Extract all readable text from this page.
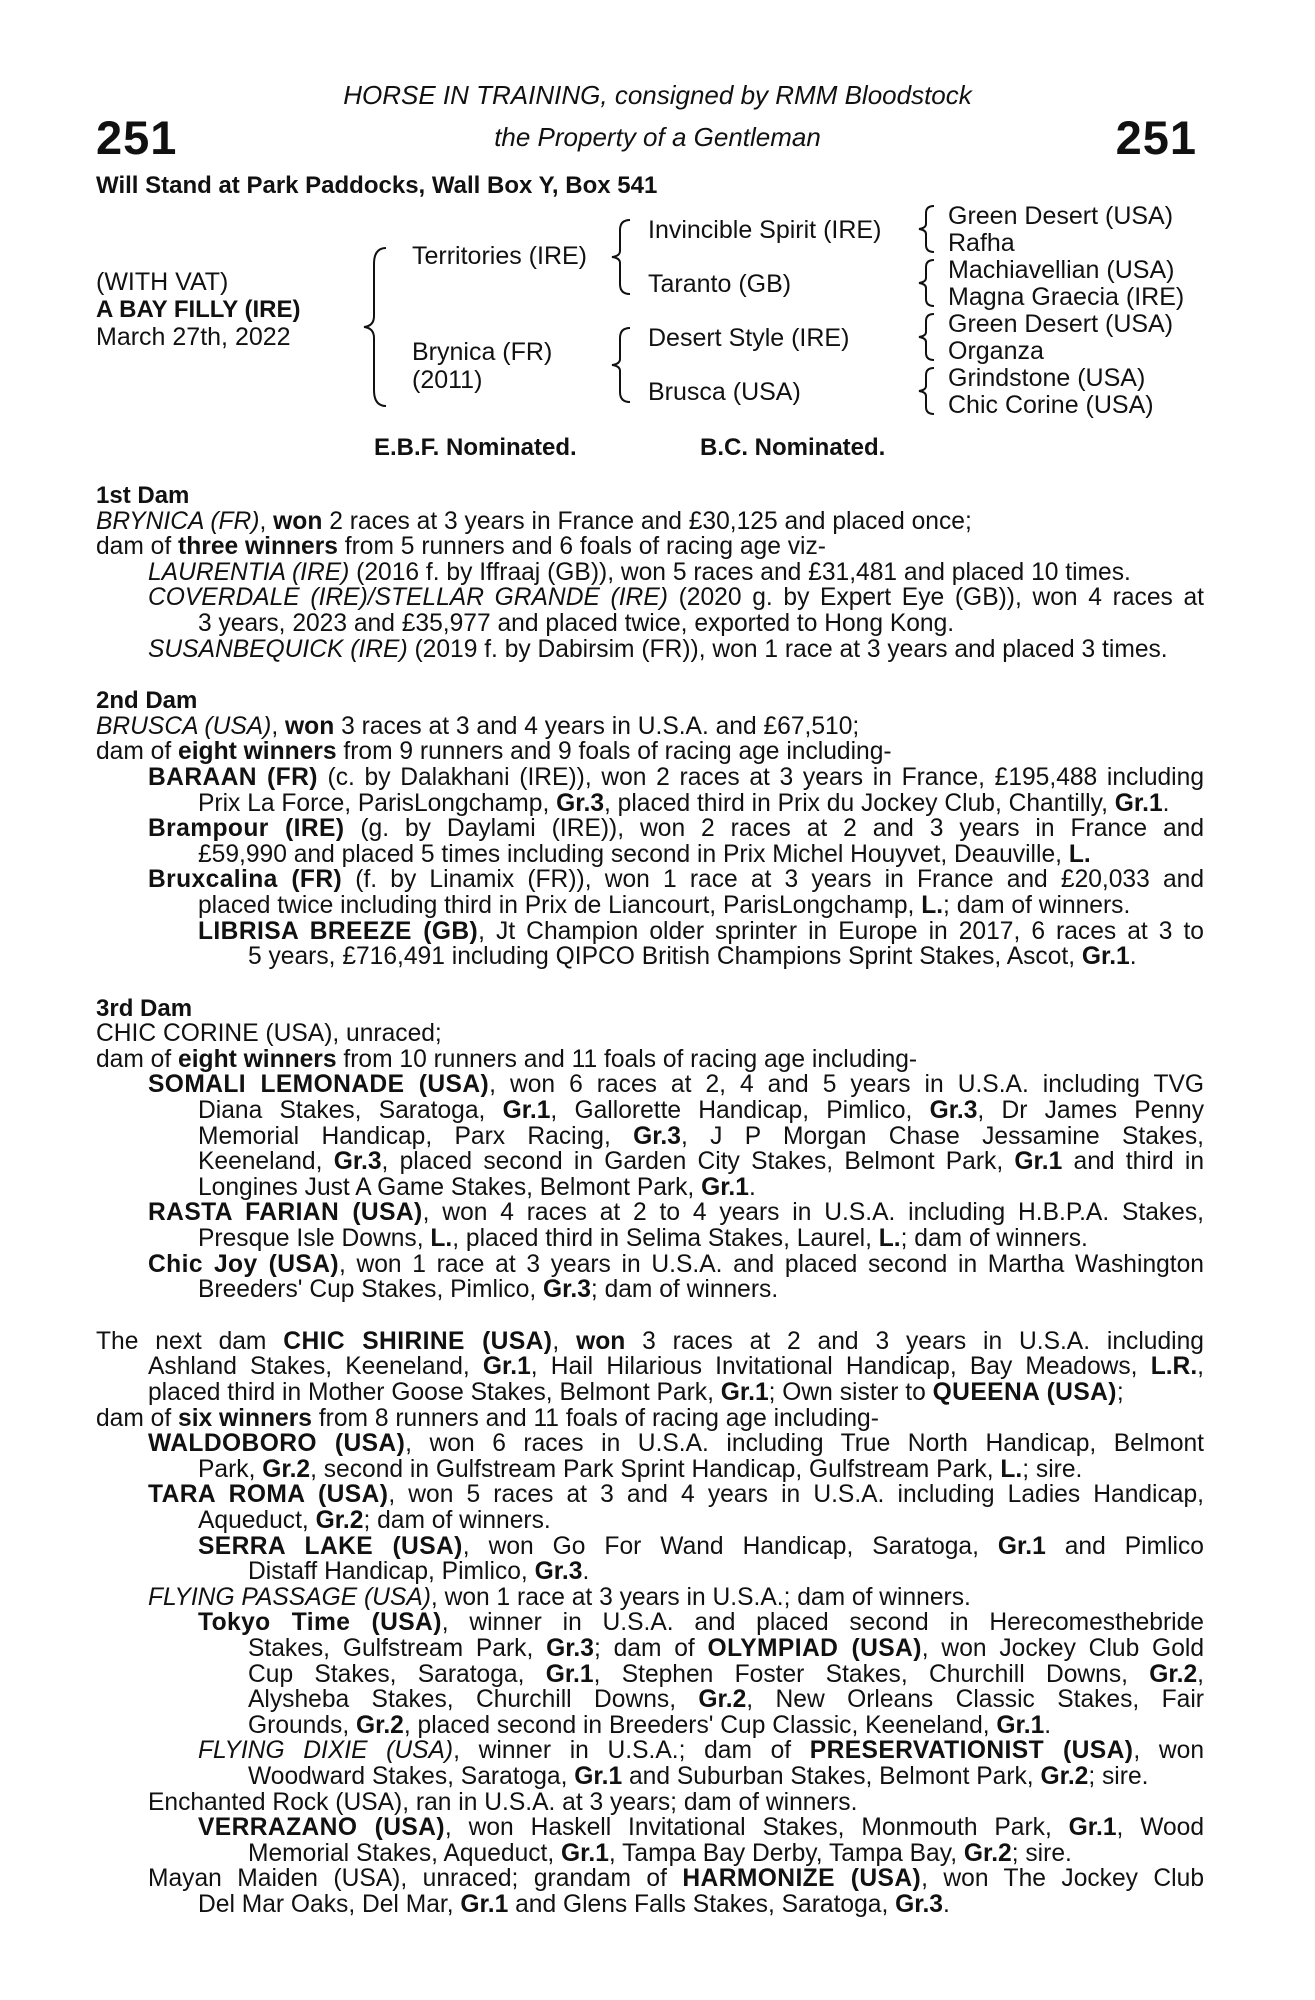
251	251
HORSE IN TRAINING, consigned by RMM Bloodstock
the Property of a Gentleman
Will Stand at Park Paddocks, Wall Box Y, Box 541
(WITH VAT)
A BAY FILLY (IRE)
March 27th, 2022
Territories (IRE)
Brynica (FR)
(2011)
Invincible Spirit (IRE)
Taranto (GB)
Desert Style (IRE)
Brusca (USA)
Green Desert (USA)
Rafha
Machiavellian (USA)
Magna Graecia (IRE)
Green Desert (USA)
Organza
Grindstone (USA)
Chic Corine (USA)
E.B.F. Nominated.	B.C. Nominated.
1st Dam
BRYNICA (FR), won 2 races at 3 years in France and £30,125 and placed once;
dam of three winners from 5 runners and 6 foals of racing age viz-
LAURENTIA (IRE) (2016 f. by Iffraaj (GB)), won 5 races and £31,481 and placed 10 times.
COVERDALE (IRE)/STELLAR GRANDE (IRE) (2020 g. by Expert Eye (GB)), won 4 races at
3 years, 2023 and £35,977 and placed twice, exported to Hong Kong.
SUSANBEQUICK (IRE) (2019 f. by Dabirsim (FR)), won 1 race at 3 years and placed 3 times.
2nd Dam
BRUSCA (USA), won 3 races at 3 and 4 years in U.S.A. and £67,510;
dam of eight winners from 9 runners and 9 foals of racing age including-
BARAAN (FR) (c. by Dalakhani (IRE)), won 2 races at 3 years in France, £195,488 including
Prix La Force, ParisLongchamp, Gr.3, placed third in Prix du Jockey Club, Chantilly, Gr.1.
Brampour (IRE) (g. by Daylami (IRE)), won 2 races at 2 and 3 years in France and
£59,990 and placed 5 times including second in Prix Michel Houyvet, Deauville, L.
Bruxcalina (FR) (f. by Linamix (FR)), won 1 race at 3 years in France and £20,033 and
placed twice including third in Prix de Liancourt, ParisLongchamp, L.; dam of winners.
LIBRISA BREEZE (GB), Jt Champion older sprinter in Europe in 2017, 6 races at 3 to
5 years, £716,491 including QIPCO British Champions Sprint Stakes, Ascot, Gr.1.
3rd Dam
CHIC CORINE (USA), unraced;
dam of eight winners from 10 runners and 11 foals of racing age including-
SOMALI LEMONADE (USA), won 6 races at 2, 4 and 5 years in U.S.A. including TVG
Diana Stakes, Saratoga, Gr.1, Gallorette Handicap, Pimlico, Gr.3, Dr James Penny
Memorial Handicap, Parx Racing, Gr.3, J P Morgan Chase Jessamine Stakes,
Keeneland, Gr.3, placed second in Garden City Stakes, Belmont Park, Gr.1 and third in
Longines Just A Game Stakes, Belmont Park, Gr.1.
RASTA FARIAN (USA), won 4 races at 2 to 4 years in U.S.A. including H.B.P.A. Stakes,
Presque Isle Downs, L., placed third in Selima Stakes, Laurel, L.; dam of winners.
Chic Joy (USA), won 1 race at 3 years in U.S.A. and placed second in Martha Washington
Breeders' Cup Stakes, Pimlico, Gr.3; dam of winners.
The next dam CHIC SHIRINE (USA), won 3 races at 2 and 3 years in U.S.A. including
Ashland Stakes, Keeneland, Gr.1, Hail Hilarious Invitational Handicap, Bay Meadows, L.R.,
placed third in Mother Goose Stakes, Belmont Park, Gr.1; Own sister to QUEENA (USA);
dam of six winners from 8 runners and 11 foals of racing age including-
WALDOBORO (USA), won 6 races in U.S.A. including True North Handicap, Belmont
Park, Gr.2, second in Gulfstream Park Sprint Handicap, Gulfstream Park, L.; sire.
TARA ROMA (USA), won 5 races at 3 and 4 years in U.S.A. including Ladies Handicap,
Aqueduct, Gr.2; dam of winners.
SERRA LAKE (USA), won Go For Wand Handicap, Saratoga, Gr.1 and Pimlico
Distaff Handicap, Pimlico, Gr.3.
FLYING PASSAGE (USA), won 1 race at 3 years in U.S.A.; dam of winners.
Tokyo Time (USA), winner in U.S.A. and placed second in Herecomesthebride
Stakes, Gulfstream Park, Gr.3; dam of OLYMPIAD (USA), won Jockey Club Gold
Cup Stakes, Saratoga, Gr.1, Stephen Foster Stakes, Churchill Downs, Gr.2,
Alysheba Stakes, Churchill Downs, Gr.2, New Orleans Classic Stakes, Fair
Grounds, Gr.2, placed second in Breeders' Cup Classic, Keeneland, Gr.1.
FLYING DIXIE (USA), winner in U.S.A.; dam of PRESERVATIONIST (USA), won
Woodward Stakes, Saratoga, Gr.1 and Suburban Stakes, Belmont Park, Gr.2; sire.
Enchanted Rock (USA), ran in U.S.A. at 3 years; dam of winners.
VERRAZANO (USA), won Haskell Invitational Stakes, Monmouth Park, Gr.1, Wood
Memorial Stakes, Aqueduct, Gr.1, Tampa Bay Derby, Tampa Bay, Gr.2; sire.
Mayan Maiden (USA), unraced; grandam of HARMONIZE (USA), won The Jockey Club
Del Mar Oaks, Del Mar, Gr.1 and Glens Falls Stakes, Saratoga, Gr.3.
